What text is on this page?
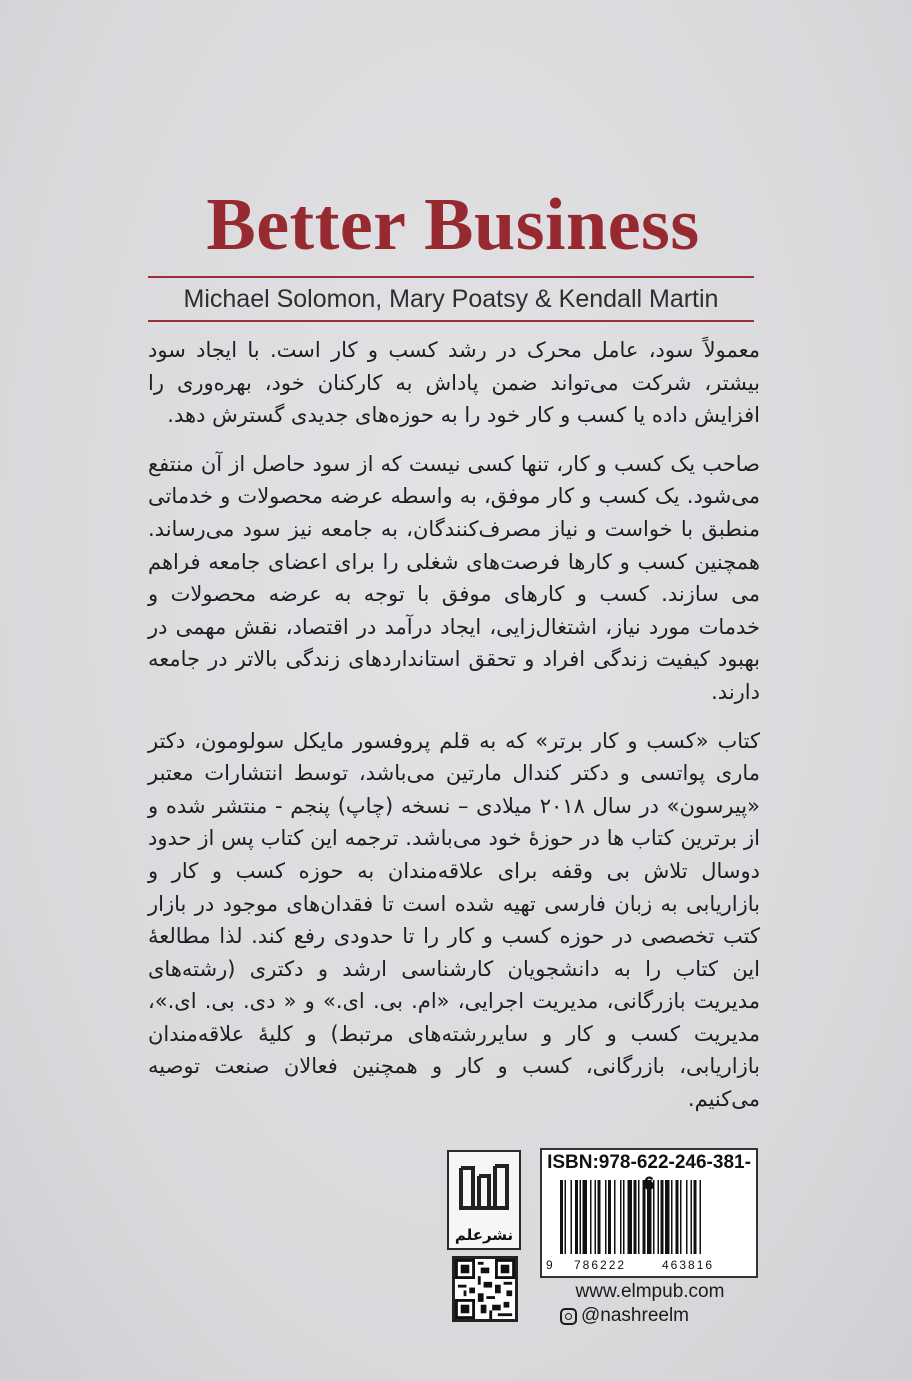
Better Business
Michael Solomon, Mary Poatsy & Kendall Martin

معمولاً سود، عامل محرک در رشد کسب و کار است. با ایجاد سود بیشتر، شرکت می‌تواند ضمن پاداش به کارکنان خود، بهره‌وری را افزایش داده یا کسب و کار خود را به حوزه‌های جدیدی گسترش دهد.

صاحب یک کسب و کار، تنها کسی نیست که از سود حاصل از آن منتفع می‌شود. یک کسب و کار موفق، به واسطه عرضه محصولات و خدماتی منطبق با خواست و نیاز مصرف‌کنندگان، به جامعه نیز سود می‌رساند. همچنین کسب و کارها فرصت‌های شغلی را برای اعضای جامعه فراهم می سازند. کسب و کارهای موفق با توجه به عرضه محصولات و خدمات مورد نیاز، اشتغال‌زایی، ایجاد درآمد در اقتصاد، نقش مهمی در بهبود کیفیت زندگی افراد و تحقق استانداردهای زندگی بالاتر در جامعه دارند.

کتاب «کسب و کار برتر» که به قلم پروفسور مایکل سولومون، دکتر ماری پواتسی و دکتر کندال مارتین می‌باشد، توسط انتشارات معتبر «پیرسون» در سال ۲۰۱۸ میلادی – نسخه (چاپ) پنجم - منتشر شده و از برترین کتاب ها در حوزهٔ خود می‌باشد. ترجمه این کتاب پس از حدود دوسال تلاش بی وقفه برای علاقه‌مندان به حوزه کسب و کار و بازاریابی به زبان فارسی تهیه شده است تا فقدان‌های موجود در بازار کتب تخصصی در حوزه کسب و کار را تا حدودی رفع کند. لذا مطالعهٔ این کتاب را به دانشجویان کارشناسی ارشد و دکتری (رشته‌های مدیریت بازرگانی، مدیریت اجرایی، «ام. بی. ای.» و « دی. بی. ای.»، مدیریت کسب و کار و سایررشته‌های مرتبط) و کلیهٔ علاقه‌مندان بازاریابی، بازرگانی، کسب و کار و همچنین فعالان صنعت توصیه می‌کنیم.

نشرعلم
ISBN:978-622-246-381-
9 786222	463816
www.elmpub.com
@nashreelm
